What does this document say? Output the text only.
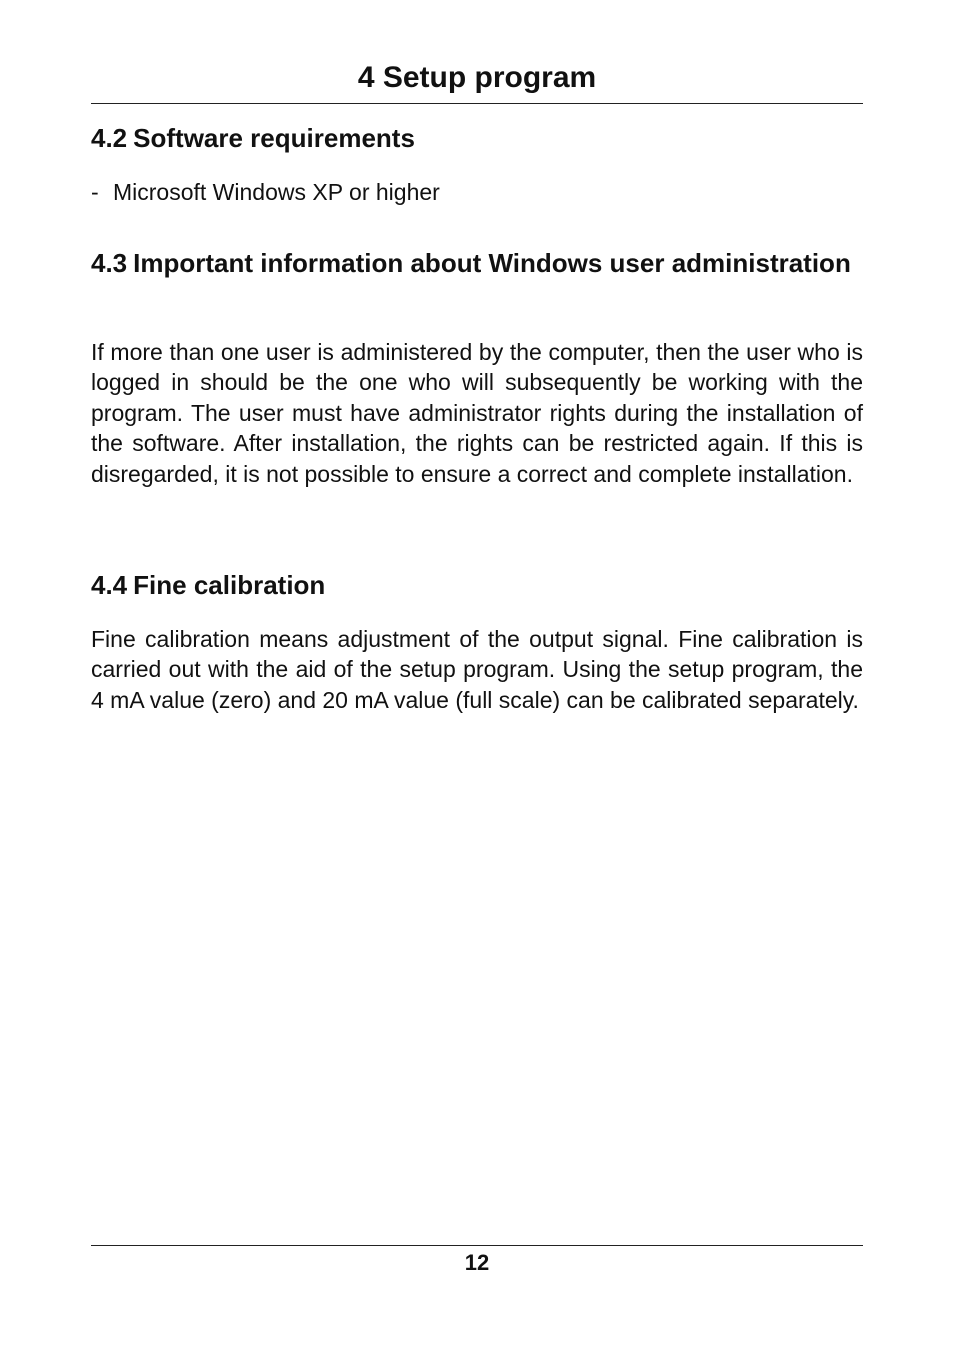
4 Setup program
4.2 Software requirements

- Microsoft Windows XP or higher

4.3 Important information about Windows user administration

If more than one user is administered by the computer, then the user who is logged in should be the one who will subsequently be working with the program. The user must have administrator rights during the installation of the software. After installation, the rights can be restricted again. If this is disregarded, it is not possible to ensure a correct and complete installation.

4.4 Fine calibration

Fine calibration means adjustment of the output signal. Fine calibration is carried out with the aid of the setup program. Using the setup program, the 4 mA value (zero) and 20 mA value (full scale) can be calibrated separately.

12
